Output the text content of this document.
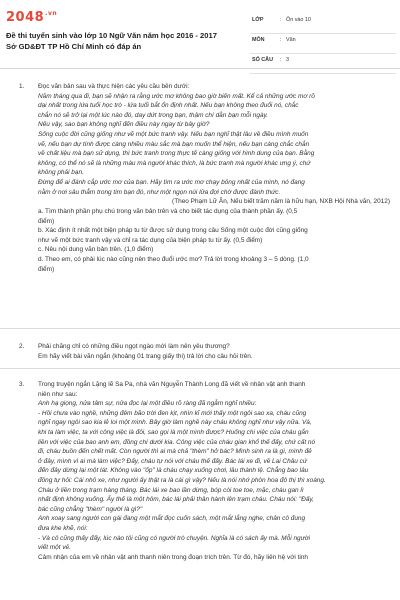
$2048^{.vn}$
Đề thi tuyển sinh vào lớp 10 Ngữ Văn năm học 2016 - 2017
Sở GD&ĐT TP Hồ Chí Minh có đáp án
LỚP	: Ôn vào 10
MÔN	: Văn
SỐ CÂU : 3
1. Đọc văn bản sau và thực hiện các yêu cầu bên dưới:
Năm tháng qua đi, bạn sẽ nhận ra rằng ước mơ không bao giờ biến mất. Kể cả những ước mơ rõ
dại nhất trong lứa tuổi học trò - lứa tuổi bắt ổn định nhất. Nếu bạn không theo đuổi nó, chắc
chắn nó sẽ trở lại một lúc nào đó, day dứt trong bạn, thậm chí dằn bạn mỗi ngày.
Nếu vậy, sao bạn không nghĩ đến điều này ngay từ bây giờ?
Sống cuộc đời cũng giống như vẽ một bức tranh vậy. Nếu bạn nghĩ thật lâu về điều mình muốn
vẽ, nếu bạn dự tính được càng nhiều màu sắc mà bạn muốn thể hiện, nếu bạn càng chắc chắn
về chất liệu mà bạn sử dụng, thì bức tranh trong thực tế càng giống với hình dung của bạn. Bằng
không, có thể nó sẽ là những màu mà người khác thích, là bức tranh mà người khác ưng ý, chứ
không phải bạn.
Đừng để ai đánh cắp ước mơ của bạn. Hãy tìm ra ước mơ chạy bỏng nhất của mình, nó đang
nằm ở nơi sâu thẳm trong tim bạn đó, như một ngọn núi lửa đợi chờ được đánh thức.

(Theo Phạm Lữ Ân, Nếu biết trăm năm là hữu hạn, NXB Hội Nhà văn, 2012)

a. Tìm thành phần phụ chú trong văn bản trên và cho biết tác dụng của thành phần ấy. (0,5
điểm)
b. Xác định ít nhất một biện pháp tu từ được sử dụng trong câu Sống một cuộc đời cũng giống
như vẽ một bức tranh vậy và chỉ ra tác dụng của biện pháp tu từ ấy. (0,5 điểm)
c. Nêu nội dung văn bản trên. (1,0 điểm)
d. Theo em, có phải lúc nào cũng nên theo đuổi ước mơ? Trả lời trong khoảng 3 – 5 dòng. (1,0
điểm)

2. Phải chăng chỉ có những điều ngọt ngào mới làm nên yêu thương?
Em hãy viết bài văn ngắn (khoảng 01 trang giấy thi) trả lời cho câu hỏi trên.

3. Trong truyện ngắn Lặng lẽ Sa Pa, nhà văn Nguyễn Thành Long đã viết về nhân vật anh thanh
niên như sau:
Anh hạ giọng, nửa tâm sự, nửa đọc lại một điều rõ ràng đã ngẫm nghĩ nhiều:
- Hồi chưa vào nghề, những đêm bão trời đen kịt, nhìn kĩ mới thấy một ngôi sao xa, cháu cũng
nghĩ ngay ngôi sao kia lẻ loi một mình. Bây giờ làm nghề này cháu không nghĩ như vậy nữa. Và,
khi ta làm việc, ta với công việc là đôi, sao gọi là một mình được? Huống chi việc của cháu gắn
liền với việc của bao anh em, đồng chí dưới kia. Công việc của cháu gian khổ thế đấy, chứ cất nó
đi, cháu buồn đến chết mất. Còn người thì ai mà chả "thèm" hở bác? Mình sinh ra là gì, mình đẻ
ở đây, mình vì ai mà làm việc? Đấy, cháu tự nói với cháu thế đấy. Bác lái xe đi, về Lai Châu cứ
đến đây dừng lại một lát. Không vào "ốp" là cháu chạy xuống chơi, lâu thành lệ. Chẳng bao lâu
đồng tự hỏi: Cái nhỏ xe, như người ấy thật ra là cái gì vậy? Nếu là nói nhớ phôn hoa đô thị thì xoàng.
Cháu ở liền trong trạm hàng tháng. Bác lái xe bao lần dừng, bóp còi toe toe, mặc, cháu gan lì
nhất định không xuống. Ấy thế là một hôm, bác lái phải thân hành lên trạm cháu. Cháu nói: "Đấy,
bác cũng chẳng "thèm" người là gì?"
Anh xoay sang người con gái đang một mắt đọc cuốn sách, một mắt lắng nghe, chân cô đung
đưa khe khẽ, nói:
- Và cô cũng thấy đấy, lúc nào tôi cũng có người trò chuyện. Nghĩa là có sách ấy mà. Mỗi người
viết một vẻ.
Cảm nhận của em về nhân vật anh thanh niên trong đoạn trích trên. Từ đó, hãy liên hệ với tinh
